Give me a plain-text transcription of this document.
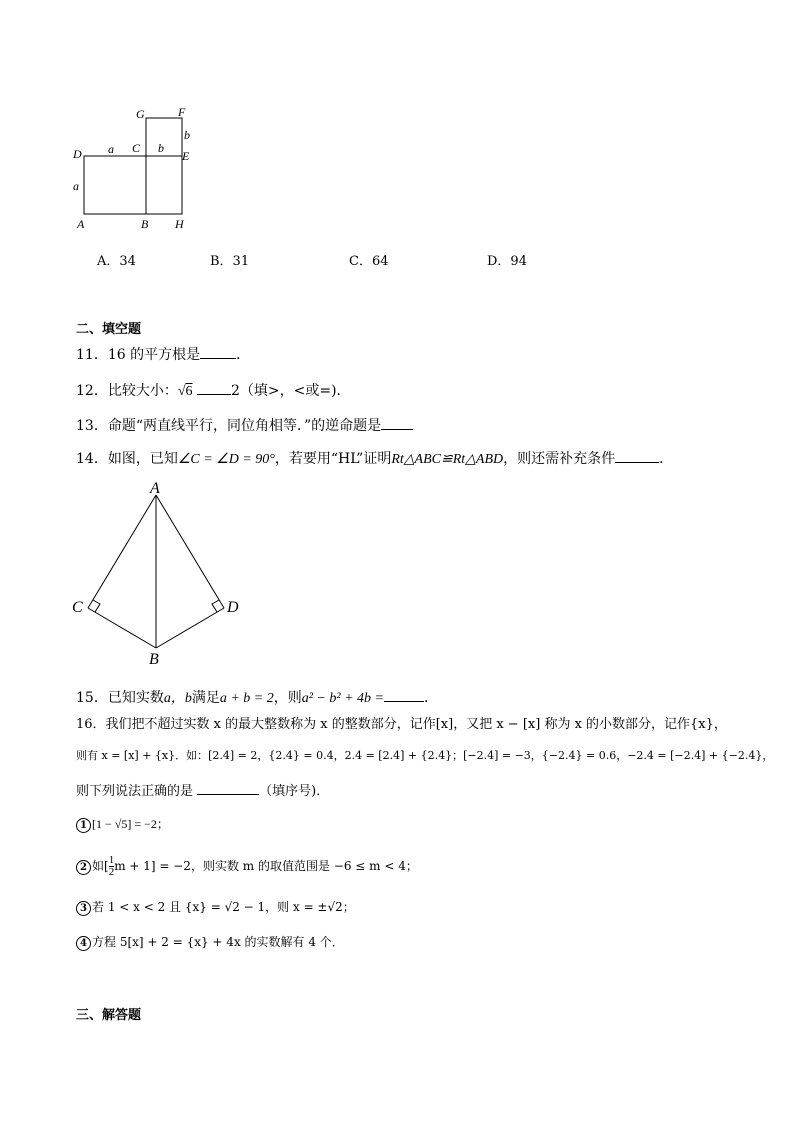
G	F
b
D a C b
E
a
A	B H
A．34	B．31	C．64	D．94
二、填空题
11．16 的平方根是	．
12．比较大小：√6	2（填>，<或=)．
13．命题“两直线平行，同位角相等．”的逆命题是
14．如图，已知∠C = ∠D = 90°，若要用“HL”证明Rt△ABC≌Rt△ABD，则还需补充条件	．
A
B
C	D
15．已知实数a，b满足a + b = 2，则a² − b² + 4b =	．
16．我们把不超过实数 x 的最大整数称为 x 的整数部分，记作[x]，又把 x − [x] 称为 x 的小数部分，记作{x}，
则有 x = [x] + {x}．如：[2.4] = 2，{2.4} = 0.4，2.4 = [2.4] + {2.4}；[−2.4] = −3，{−2.4} = 0.6，−2.4 = [−2.4] + {−2.4}，
则下列说法正确的是	（填序号)．
1 [1 − √5] = −2；
2 如[ $\frac{1}{2}$ m + 1] = −2，则实数 m 的取值范围是 −6 ≤ m < 4；
3 若 1 < x < 2 且 {x} = √2 − 1，则 x = ±√2；
4 方程 5[x] + 2 = {x} + 4x 的实数解有 4 个．
三、解答题
